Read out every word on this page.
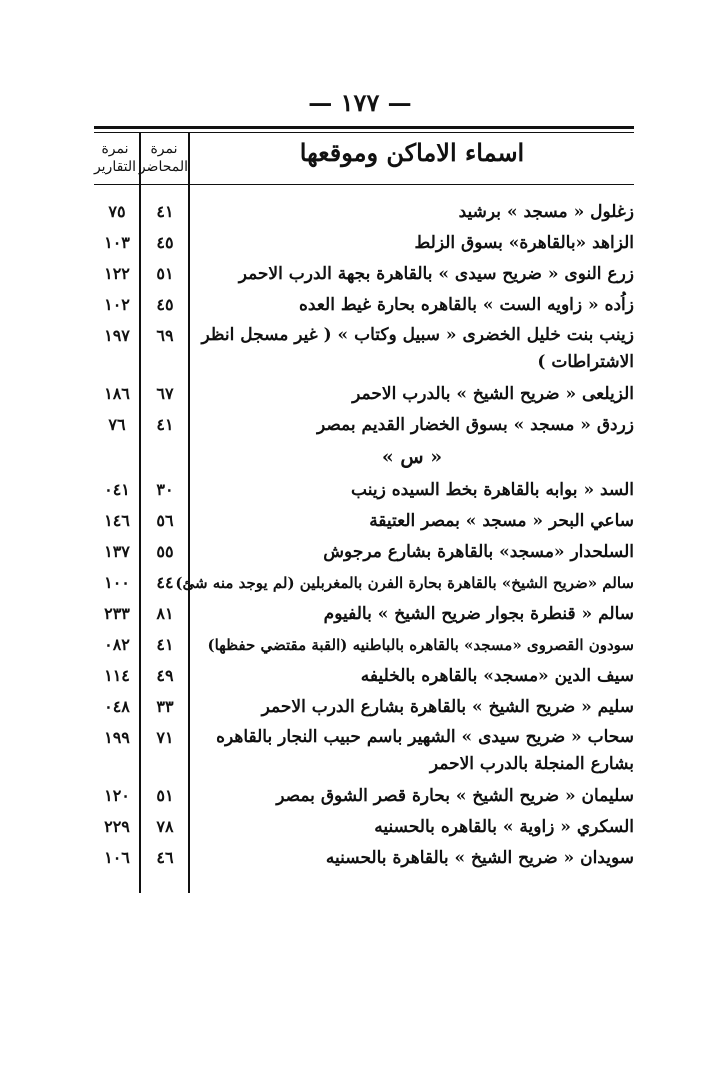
— ١٧٧ —
اسماء الاماكن وموقعها
نمرة المحاضر
نمرة التقارير
زغلول « مسجد » برشيد
٤١
٧٥
الزاهد «بالقاهرة» بسوق الزلط
٤٥
١٠٣
زرع النوى « ضريح سيدى » بالقاهرة بجهة الدرب الاحمر
٥١
١٢٢
زاُده « زاويه الست » بالقاهره بحارة غيط العده
٤٥
١٠٢
زينب بنت خليل الخضرى « سبيل وكتاب » ( غير مسجل انظر الاشتراطات )
٦٩
١٩٧
الزيلعى « ضريح الشيخ » بالدرب الاحمر
٦٧
١٨٦
زردق « مسجد » بسوق الخضار القديم بمصر
٤١
٧٦
« س »
السد « بوابه بالقاهرة بخط السيده زينب
٣٠
٠٤١
ساعي البحر « مسجد » بمصر العتيقة
٥٦
١٤٦
السلحدار «مسجد» بالقاهرة بشارع مرجوش
٥٥
١٣٧
سالم «ضريح الشيخ» بالقاهرة بحارة الفرن بالمغربلين (لم يوجد منه شئ)
٤٤
١٠٠
سالم « قنطرة بجوار ضريح الشيخ » بالفيوم
٨١
٢٣٣
سودون القصروى «مسجد» بالقاهره بالباطنيه (القبة مقتضي حفظها)
٤١
٠٨٢
سيف الدين «مسجد» بالقاهره بالخليفه
٤٩
١١٤
سليم « ضريح الشيخ » بالقاهرة بشارع الدرب الاحمر
٣٣
٠٤٨
سحاب « ضريح سيدى » الشهير باسم حبيب النجار بالقاهره بشارع المنجلة بالدرب الاحمر
٧١
١٩٩
سليمان « ضريح الشيخ » بحارة قصر الشوق بمصر
٥١
١٢٠
السكري « زاوية » بالقاهره بالحسنيه
٧٨
٢٢٩
سويدان « ضريح الشيخ » بالقاهرة بالحسنيه
٤٦
١٠٦
